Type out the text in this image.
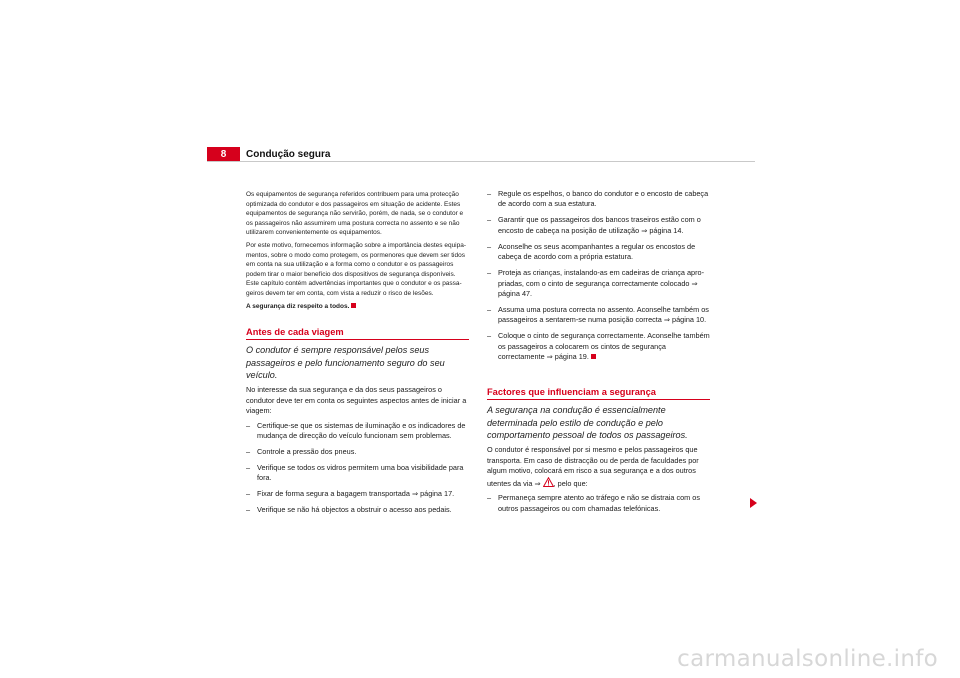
8	Condução segura

Os equipamentos de segurança referidos contribuem para uma protecção optimizada do condutor e dos passageiros em situação de acidente. Estes equipamentos de segurança não servirão, porém, de nada, se o condutor e os passageiros não assumirem uma postura correcta no assento e se não utilizarem convenientemente os equipamentos.

Por este motivo, fornecemos informação sobre a importância destes equipa-mentos, sobre o modo como protegem, os pormenores que devem ser tidos em conta na sua utilização e a forma como o condutor e os passageiros podem tirar o maior benefício dos dispositivos de segurança disponíveis. Este capítulo contém advertências importantes que o condutor e os passa-geiros devem ter em conta, com vista a reduzir o risco de lesões.

A segurança diz respeito a todos.

Antes de cada viagem

O condutor é sempre responsável pelos seus passageiros e pelo funcionamento seguro do seu veículo.

No interesse da sua segurança e da dos seus passageiros o condutor deve ter em conta os seguintes aspectos antes de iniciar a viagem:

– Certifique-se que os sistemas de iluminação e os indicadores de mudança de direcção do veículo funcionam sem problemas.
– Controle a pressão dos pneus.
– Verifique se todos os vidros permitem uma boa visibilidade para fora.
– Fixar de forma segura a bagagem transportada ⇒ página 17.
– Verifique se não há objectos a obstruir o acesso aos pedais.
– Regule os espelhos, o banco do condutor e o encosto de cabeça de acordo com a sua estatura.
– Garantir que os passageiros dos bancos traseiros estão com o encosto de cabeça na posição de utilização ⇒ página 14.
– Aconselhe os seus acompanhantes a regular os encostos de cabeça de acordo com a própria estatura.
– Proteja as crianças, instalando-as em cadeiras de criança apro-priadas, com o cinto de segurança correctamente colocado ⇒ página 47.
– Assuma uma postura correcta no assento. Aconselhe também os passageiros a sentarem-se numa posição correcta ⇒ página 10.
– Coloque o cinto de segurança correctamente. Aconselhe também os passageiros a colocarem os cintos de segurança correctamente ⇒ página 19.
Factores que influenciam a segurança

A segurança na condução é essencialmente determinada pelo estilo de condução e pelo comportamento pessoal de todos os passageiros.

O condutor é responsável por si mesmo e pelos passageiros que transporta. Em caso de distracção ou de perda de faculdades por algum motivo, colocará em risco a sua segurança e a dos outros utentes da via ⇒ , pelo que:

– Permaneça sempre atento ao tráfego e não se distraia com os outros passageiros ou com chamadas telefónicas.
carmanualsonline.info
